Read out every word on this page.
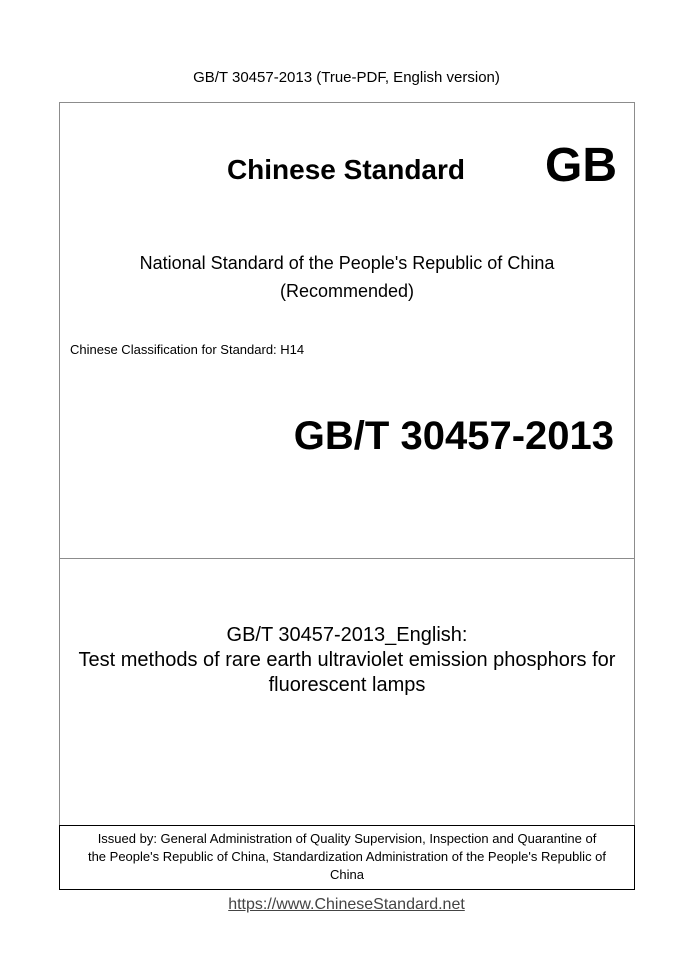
GB/T 30457-2013 (True-PDF, English version)
Chinese Standard GB
National Standard of the People's Republic of China
(Recommended)
Chinese Classification for Standard: H14
GB/T 30457-2013
GB/T 30457-2013_English:
Test methods of rare earth ultraviolet emission phosphors for
fluorescent lamps
Issued by: General Administration of Quality Supervision, Inspection and Quarantine of
the People's Republic of China, Standardization Administration of the People's Republic of
China
https://www.ChineseStandard.net
